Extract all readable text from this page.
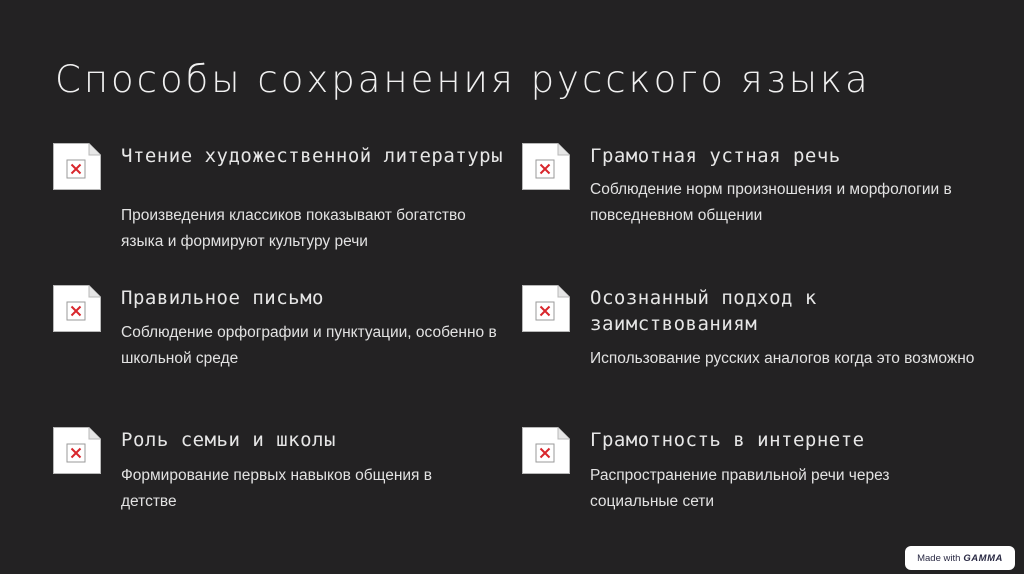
Способы сохранения русского языка
Чтение художественной литературы
Произведения классиков показывают богатство языка и формируют культуру речи
Грамотная устная речь
Соблюдение норм произношения и морфологии в повседневном общении
Правильное письмо
Соблюдение орфографии и пунктуации, особенно в школьной среде
Осознанный подход к заимствованиям
Использование русских аналогов когда это возможно
Роль семьи и школы
Формирование первых навыков общения в детстве
Грамотность в интернете
Распространение правильной речи через социальные сети
Made with GAMMA
